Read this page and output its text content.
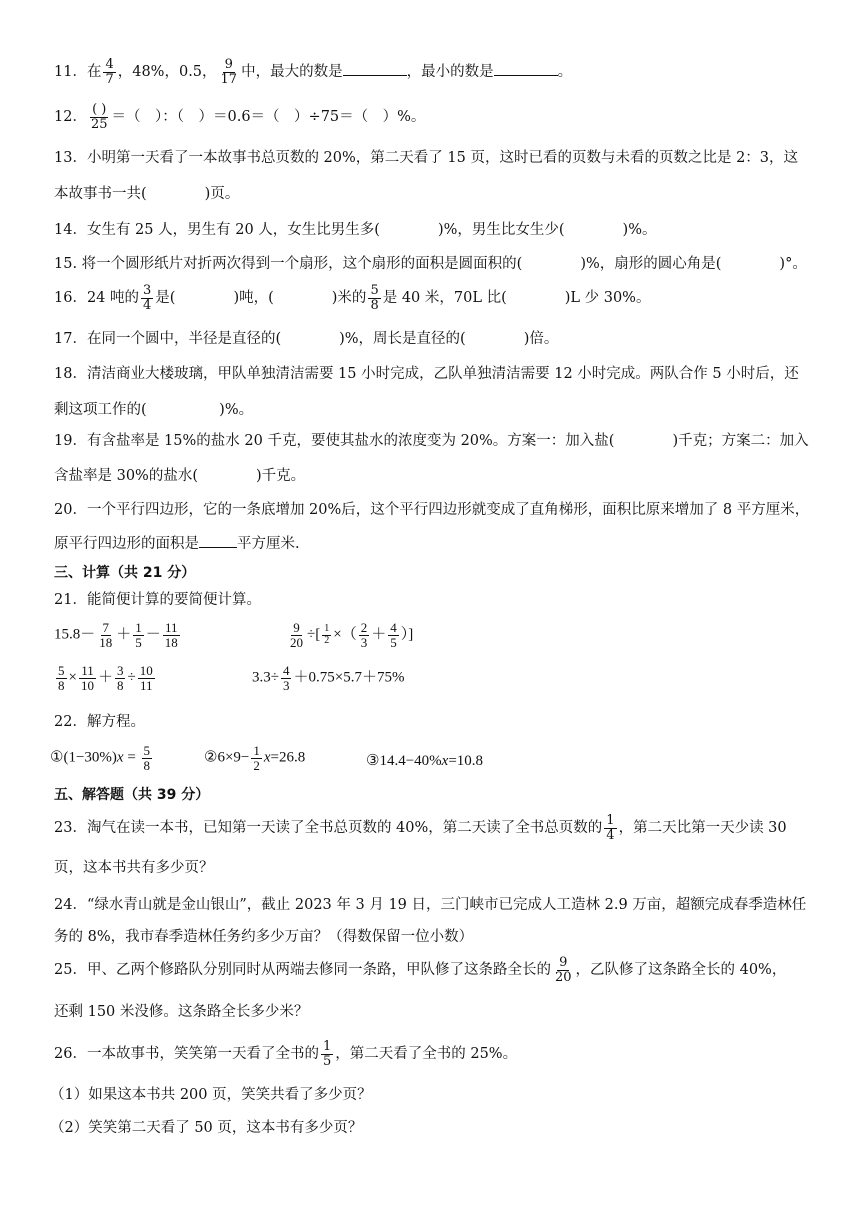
11．在 $\frac{4}{7}$ ，48%，0.5， $\frac{9}{17}$ 中，最大的数是	，最小的数是	。
12． $\frac{( )}{25}$ ＝（　）：（　）＝0.6＝（　）÷75＝（　）%。
13．小明第一天看了一本故事书总页数的 20%，第二天看了 15 页，这时已看的页数与未看的页数之比是 2：3，这
本故事书一共(　　　　)页。
14．女生有 25 人，男生有 20 人，女生比男生多(　　　　)%，男生比女生少(　　　　)%。
15. 将一个圆形纸片对折两次得到一个扇形，这个扇形的面积是圆面积的(　　　　)%，扇形的圆心角是(　　　　)°。
16．24 吨的 $\frac{3}{4}$ 是(　　　　)吨，(　　　　)米的 $\frac{5}{8}$ 是 40 米，70L 比(　　　　)L 少 30%。
17．在同一个圆中，半径是直径的(　　　　)%，周长是直径的(　　　　)倍。
18．清洁商业大楼玻璃，甲队单独清洁需要 15 小时完成，乙队单独清洁需要 12 小时完成。两队合作 5 小时后，还
剩这项工作的(　　　　　)%。
19．有含盐率是 15%的盐水 20 千克，要使其盐水的浓度变为 20%。方案一：加入盐(　　　　)千克；方案二：加入
含盐率是 30%的盐水(　　　　)千克。
20．一个平行四边形，它的一条底增加 20%后，这个平行四边形就变成了直角梯形，面积比原来增加了 8 平方厘米，
原平行四边形的面积是	平方厘米.
三、计算（共 21 分）
21．能简便计算的要简便计算。
$15.8- \frac{7}{18} + \frac{1}{5} - \frac{11}{18}$	$\frac{9}{20}$ ÷[ $\frac{1}{2}$ ×（ $\frac{2}{3} + \frac{4}{5}$ ）]
$\frac{5}{8} \times \frac{11}{10} + \frac{3}{8} \div \frac{10}{11}$	$3.3\div \frac{4}{3} +0.75\times 5.7+75\%$
22．解方程。
①(1−30%)x = $\frac{5}{8}$	②6×9− $\frac{1}{2} x=26.8$	③14.4−40%x=10.8
五、解答题（共 39 分）
23．淘气在读一本书，已知第一天读了全书总页数的 40%，第二天读了全书总页数的 $\frac{1}{4}$ ，第二天比第一天少读 30
页，这本书共有多少页？
24．“绿水青山就是金山银山”，截止 2023 年 3 月 19 日，三门峡市已完成人工造林 2.9 万亩，超额完成春季造林任
务的 8%，我市春季造林任务约多少万亩？（得数保留一位小数）
25．甲、乙两个修路队分别同时从两端去修同一条路，甲队修了这条路全长的 $\frac{9}{20}$ ，乙队修了这条路全长的 40%，
还剩 150 米没修。这条路全长多少米？
26．一本故事书，笑笑第一天看了全书的 $\frac{1}{5}$ ，第二天看了全书的 25%。
（1）如果这本书共 200 页，笑笑共看了多少页？
（2）笑笑第二天看了 50 页，这本书有多少页？
